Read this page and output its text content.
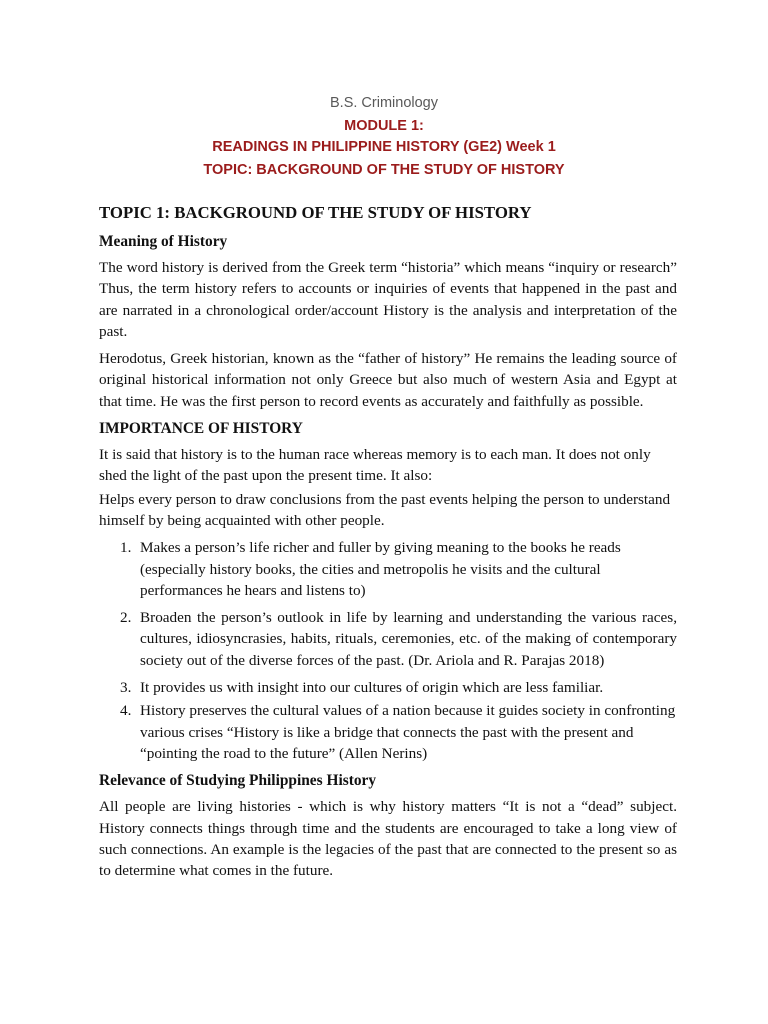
B.S. Criminology
MODULE 1:
READINGS IN PHILIPPINE HISTORY (GE2) Week 1
TOPIC: BACKGROUND OF THE STUDY OF HISTORY
TOPIC 1: BACKGROUND OF THE STUDY OF HISTORY
Meaning of History

The word history is derived from the Greek term “historia” which means “inquiry or research” Thus, the term history refers to accounts or inquiries of events that happened in the past and are narrated in a chronological order/account History is the analysis and interpretation of the past.

Herodotus, Greek historian, known as the “father of history” He remains the leading source of original historical information not only Greece but also much of western Asia and Egypt at that time. He was the first person to record events as accurately and faithfully as possible.

IMPORTANCE OF HISTORY

It is said that history is to the human race whereas memory is to each man. It does not only shed the light of the past upon the present time. It also:

Helps every person to draw conclusions from the past events helping the person to understand himself by being acquainted with other people.

1. Makes a person’s life richer and fuller by giving meaning to the books he reads (especially history books, the cities and metropolis he visits and the cultural performances he hears and listens to)
2. Broaden the person’s outlook in life by learning and understanding the various races, cultures, idiosyncrasies, habits, rituals, ceremonies, etc. of the making of contemporary society out of the diverse forces of the past. (Dr. Ariola and R. Parajas 2018)
3. It provides us with insight into our cultures of origin which are less familiar.
4. History preserves the cultural values of a nation because it guides society in confronting various crises “History is like a bridge that connects the past with the present and “pointing the road to the future” (Allen Nerins)
Relevance of Studying Philippines History

All people are living histories - which is why history matters “It is not a “dead” subject. History connects things through time and the students are encouraged to take a long view of such connections. An example is the legacies of the past that are connected to the present so as to determine what comes in the future.
